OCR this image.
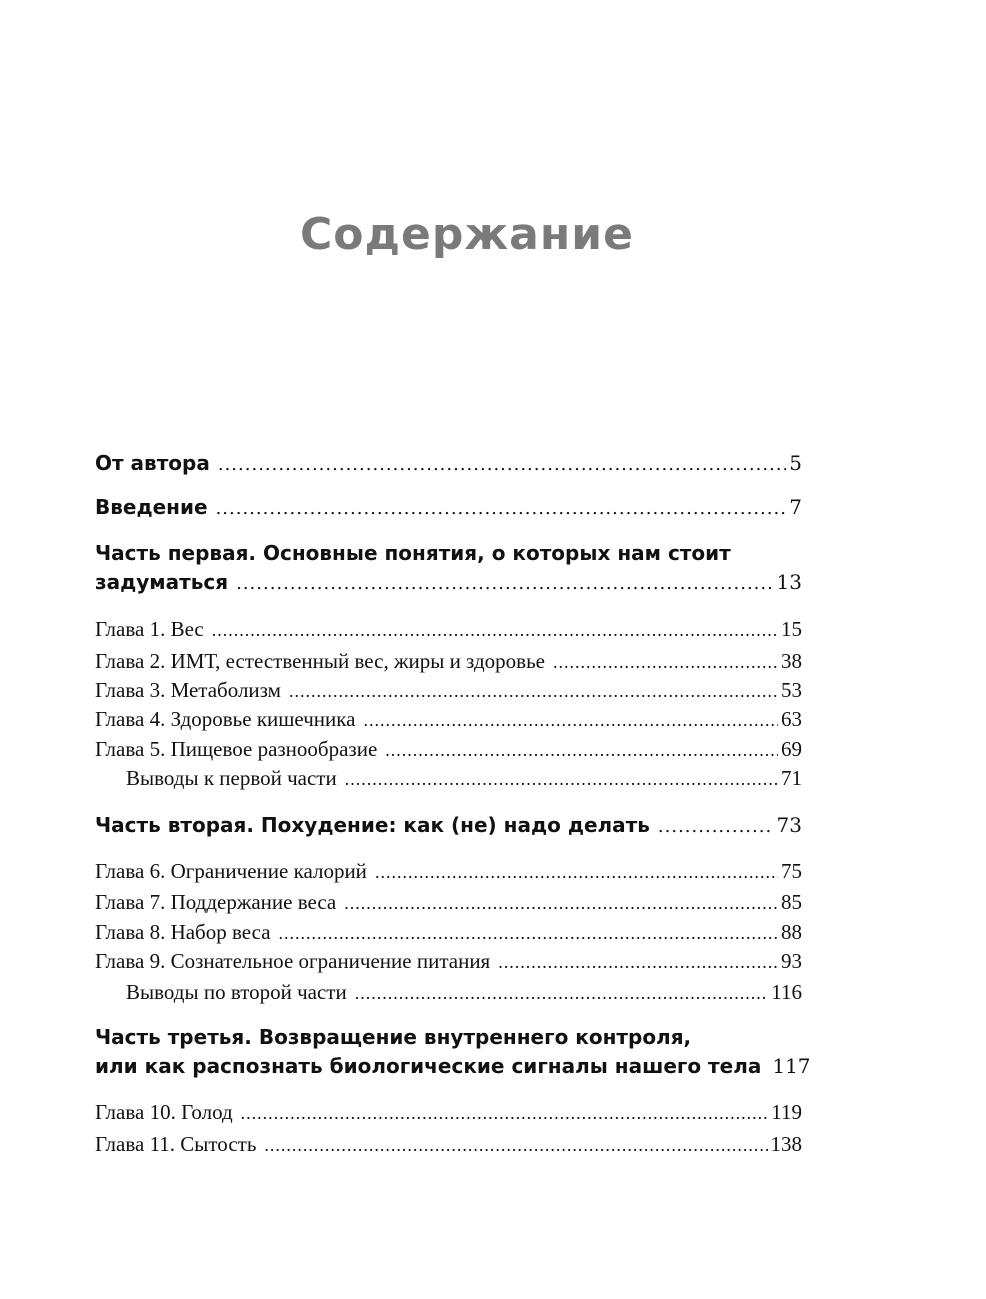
Содержание
От автора .....	5
Введение .....	7
Часть первая. Основные понятия, о которых нам стоит
задуматься .....	13
Глава 1. Вес .....	15
Глава 2. ИМТ, естественный вес, жиры и здоровье .....	38
Глава 3. Метаболизм .....	53
Глава 4. Здоровье кишечника .....	63
Глава 5. Пищевое разнообразие .....	69
Выводы к первой части .....	71
Часть вторая. Похудение: как (не) надо делать .....	73
Глава 6. Ограничение калорий .....	75
Глава 7. Поддержание веса .....	85
Глава 8. Набор веса .....	88
Глава 9. Сознательное ограничение питания .....	93
Выводы по второй части .....	116
Часть третья. Возвращение внутреннего контроля,
или как распознать биологические сигналы нашего тела 117
Глава 10. Голод .....	119
Глава 11. Сытость .....	138
